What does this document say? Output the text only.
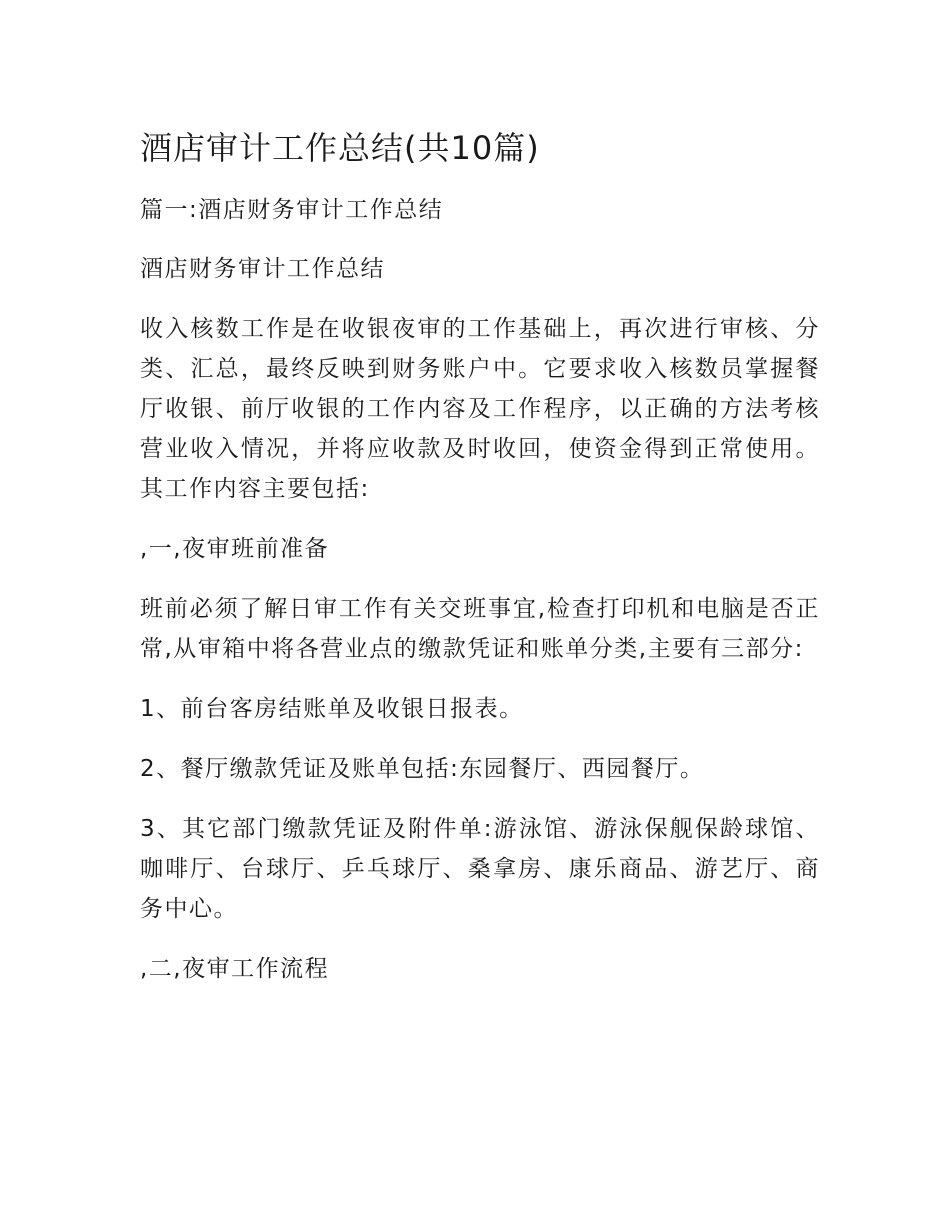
酒店审计工作总结(共10篇)

篇一:酒店财务审计工作总结

酒店财务审计工作总结

收入核数工作是在收银夜审的工作基础上，再次进行审核、分类、汇总，最终反映到财务账户中。它要求收入核数员掌握餐厅收银、前厅收银的工作内容及工作程序，以正确的方法考核营业收入情况，并将应收款及时收回，使资金得到正常使用。其工作内容主要包括:

,一,夜审班前准备

班前必须了解日审工作有关交班事宜,检查打印机和电脑是否正常,从审箱中将各营业点的缴款凭证和账单分类,主要有三部分:

1、前台客房结账单及收银日报表。

2、餐厅缴款凭证及账单包括:东园餐厅、西园餐厅。

3、其它部门缴款凭证及附件单:游泳馆、游泳保舰保龄球馆、咖啡厅、台球厅、乒乓球厅、桑拿房、康乐商品、游艺厅、商务中心。

,二,夜审工作流程
